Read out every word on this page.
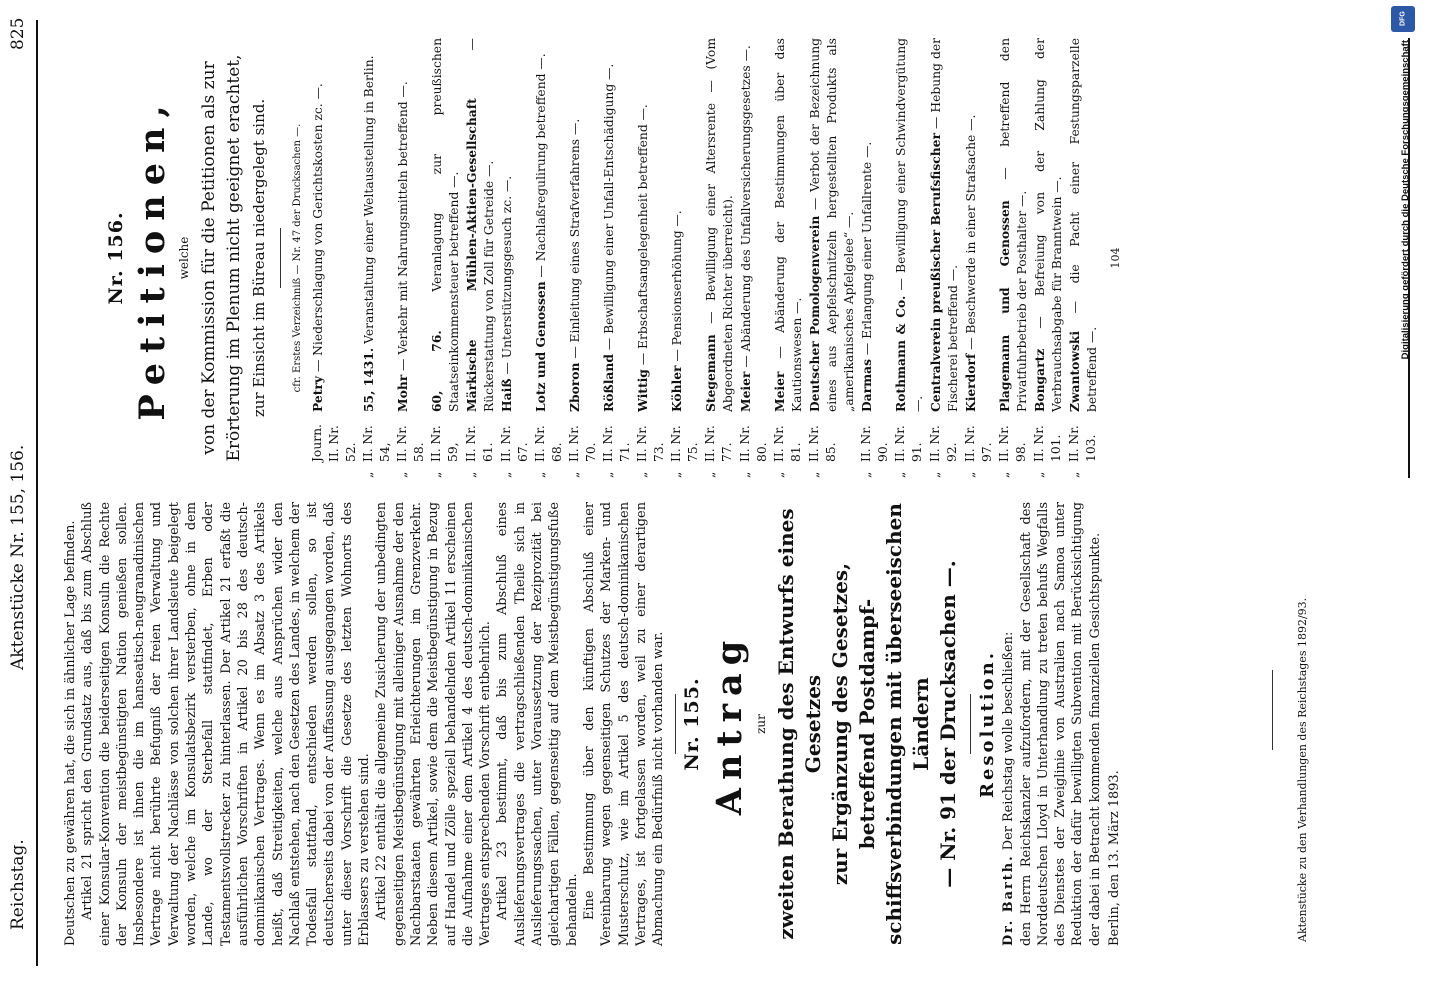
Reichstag.
Aktenstücke Nr. 155, 156.
825

Deutschen zu gewähren hat, die sich in ähnlicher Lage befinden. Artikel 21 spricht den Grundsatz aus, daß bis zum Abschluß einer Konsular-Konvention die beiderseitigen Konsuln die Rechte der Konsuln der meistbegünstigten Nation genießen sollen. Insbesondere ist ihnen die im hanseatisch-neugranadinischen Vertrage nicht berührte Befugniß der freien Verwaltung und Verwaltung der Nachlässe von solchen ihrer Landsleute beigelegt worden, welche im Konsulatsbezirk versterben, ohne in dem Lande, wo der Sterbefall stattfindet, Erben oder Testamentsvollstrecker zu hinterlassen. Der Artikel 21 erfaßt die ausführlichen Vorschriften in Artikel 20 bis 28 des deutsch-dominikanischen Vertrages. Wenn es im Absatz 3 des Artikels heißt, daß Streitigkeiten, welche aus Ansprüchen wider den Nachlaß entstehen, nach den Gesetzen des Landes, in welchem der Todesfall stattfand, entschieden werden sollen, so ist deutscherseits dabei von der Auffassung ausgegangen worden, daß unter dieser Vorschrift die Gesetze des letzten Wohnorts des Erblassers zu verstehen sind. Artikel 22 enthält die allgemeine Zusicherung der unbedingten gegenseitigen Meistbegünstigung mit alleiniger Ausnahme der den Nachbarstaaten gewährten Erleichterungen im Grenzverkehr. Neben diesem Artikel, sowie dem die Meistbegünstigung in Bezug auf Handel und Zölle speziell behandelnden Artikel 11 erscheinen die Aufnahme einer dem Artikel 4 des deutsch-dominikanischen Vertrages entsprechenden Vorschrift entbehrlich. Artikel 23 bestimmt, daß bis zum Abschluß eines Auslieferungsvertrages die vertragschließenden Theile sich in Auslieferungssachen, unter Voraussetzung der Reziprozität bei gleichartigen Fällen, gegenseitig auf dem Meistbegünstigungsfuße behandeln. Eine Bestimmung über den künftigen Abschluß einer Vereinbarung wegen gegenseitigen Schutzes der Marken- und Musterschutz, wie im Artikel 5 des deutsch-dominikanischen Vertrages, ist fortgelassen worden, weil zu einer derartigen Abmachung ein Bedürfniß nicht vorhanden war. Nr. 155. Antrag zur zweiten Berathung des Entwurfs eines Gesetzes zur Ergänzung des Gesetzes, betreffend Postdampf- schiffsverbindungen mit überseeischen Ländern — Nr. 91 der Drucksachen —. Resolution.

Dr. Barth. Der Reichstag wolle beschließen: den Herrn Reichskanzler aufzufordern, mit der Gesellschaft des Norddeutschen Lloyd in Unterhandlung zu treten behufs Wegfalls des Dienstes der Zweiglinie von Australien nach Samoa unter Reduktion der dafür bewilligten Subvention mit Berücksichtigung der dabei in Betracht kommenden finanziellen Gesichtspunkte. Berlin, den 13. März 1893.	Aktenstücke zu den Verhandlungen des Reichstages 1892/93.
Nr. 156. Petitionen, welche von der Kommission für die Petitionen als zur Erörterung im Plenum nicht geeignet erachtet, zur Einsicht im Büreau niedergelegt sind.	cfr. Erstes Verzeichniß — Nr. 47 der Drucksachen —.
Journ. II. Nr. 52.
Petry — Niederschlagung von Gerichtskosten zc. —.
„
II. Nr. 54,
55, 1431. Veranstaltung einer Weltausstellung in Berlin.
„
II. Nr. 58.
Mohr — Verkehr mit Nahrungsmitteln betreffend —.
„
II. Nr. 59,
60, 76. Veranlagung zur preußischen Staatseinkommensteuer betreffend —.
„
II. Nr. 61.
Märkische Mühlen-Aktien-Gesellschaft — Rückerstattung von Zoll für Getreide —.
„
II. Nr. 67.
Haiß — Unterstützungsgesuch zc. —.
„
II. Nr. 68.
Lotz und Genossen — Nachlaßregulirung betreffend —.
„
II. Nr. 70.
Zboron — Einleitung eines Strafverfahrens —.
„
II. Nr. 71.
Rößland — Bewilligung einer Unfall-Entschädigung —.
„
II. Nr. 73.
Wittig — Erbschaftsangelegenheit betreffend —.
„
II. Nr. 75.
Köhler — Pensionserhöhung —.
„
II. Nr. 77.
Stegemann — Bewilligung einer Altersrente — (Vom Abgeordneten Richter überreicht).
„
II. Nr. 80.
Meier — Abänderung des Unfallversicherungsgesetzes —.
„
II. Nr. 81.
Meier — Abänderung der Bestimmungen über das Kautionswesen —.
„
II. Nr. 85.
Deutscher Pomologenverein — Verbot der Bezeichnung eines aus Aepfelschnitzeln hergestellten Produkts als „amerikanisches Apfelgelee“ —.
„
II. Nr. 90.
Darmas — Erlangung einer Unfallrente —.
„
II. Nr. 91.
Rothmann & Co. — Bewilligung einer Schwindvergütung —.
„
II. Nr. 92.
Centralverein preußischer Berufsfischer — Hebung der Fischerei betreffend —.
„
II. Nr. 97.
Kierdorf — Beschwerde in einer Strafsache —.
„
II. Nr. 98.
Plagemann und Genossen — betreffend den Privatfuhrbetrieb der Posthalter —.
„
II. Nr. 101.
Bongartz — Befreiung von der Zahlung der Verbrauchsabgabe für Branntwein —.
„
II. Nr. 103.
Zwantowski — die Pacht einer Festungsparzelle betreffend —.
104
DFG
Digitalisierung gefördert durch die Deutsche Forschungsgemeinschaft
